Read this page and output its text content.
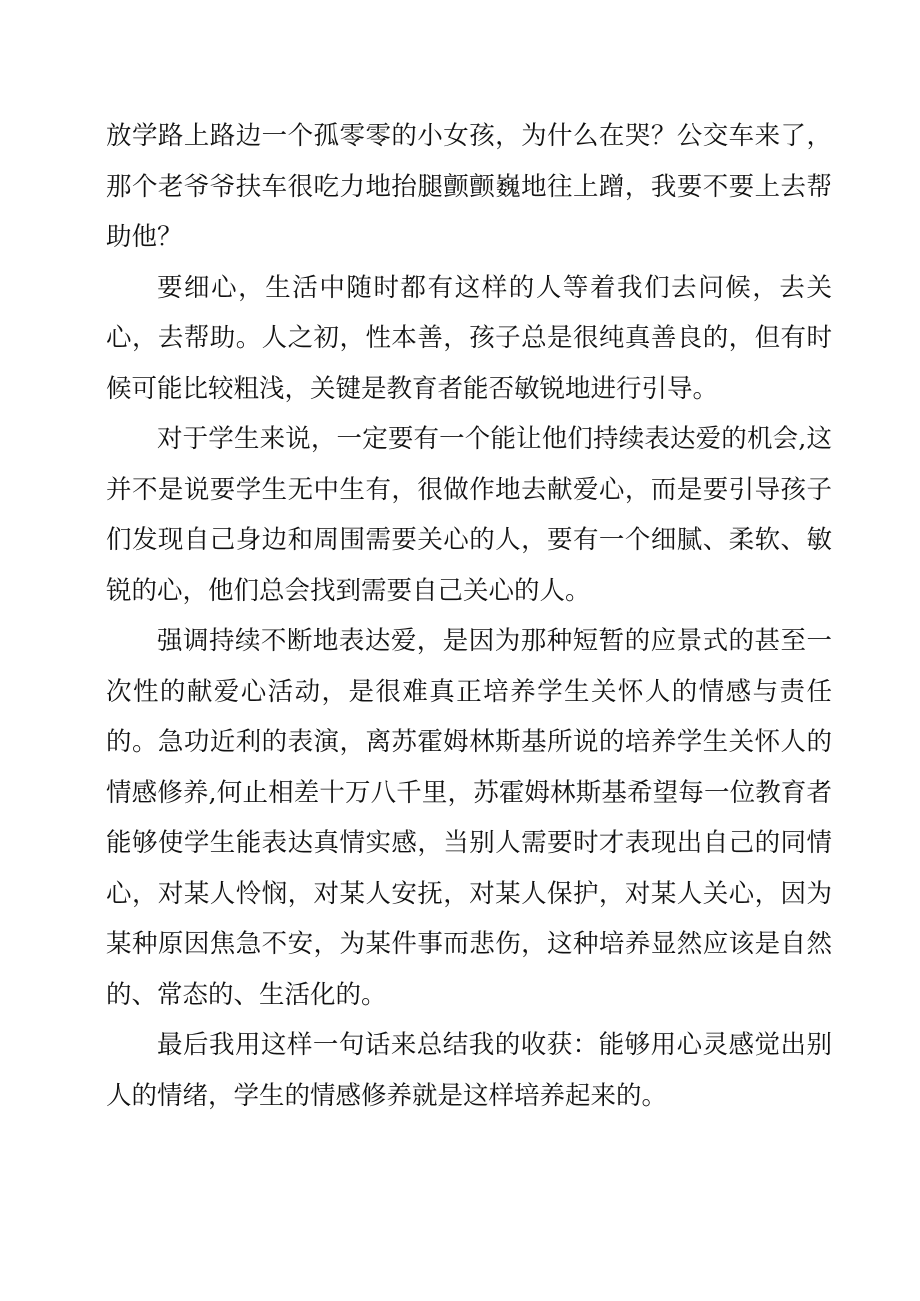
放学路上路边一个孤零零的小女孩，为什么在哭？公交车来了，那个老爷爷扶车很吃力地抬腿颤颤巍地往上蹭，我要不要上去帮助他？

要细心，生活中随时都有这样的人等着我们去问候，去关心，去帮助。人之初，性本善，孩子总是很纯真善良的，但有时候可能比较粗浅，关键是教育者能否敏锐地进行引导。

对于学生来说，一定要有一个能让他们持续表达爱的机会,这并不是说要学生无中生有，很做作地去献爱心，而是要引导孩子们发现自己身边和周围需要关心的人，要有一个细腻、柔软、敏锐的心，他们总会找到需要自己关心的人。

强调持续不断地表达爱，是因为那种短暂的应景式的甚至一次性的献爱心活动，是很难真正培养学生关怀人的情感与责任的。急功近利的表演，离苏霍姆林斯基所说的培养学生关怀人的情感修养,何止相差十万八千里，苏霍姆林斯基希望每一位教育者能够使学生能表达真情实感，当别人需要时才表现出自己的同情心，对某人怜悯，对某人安抚，对某人保护，对某人关心，因为某种原因焦急不安，为某件事而悲伤，这种培养显然应该是自然的、常态的、生活化的。

最后我用这样一句话来总结我的收获：能够用心灵感觉出别人的情绪，学生的情感修养就是这样培养起来的。
